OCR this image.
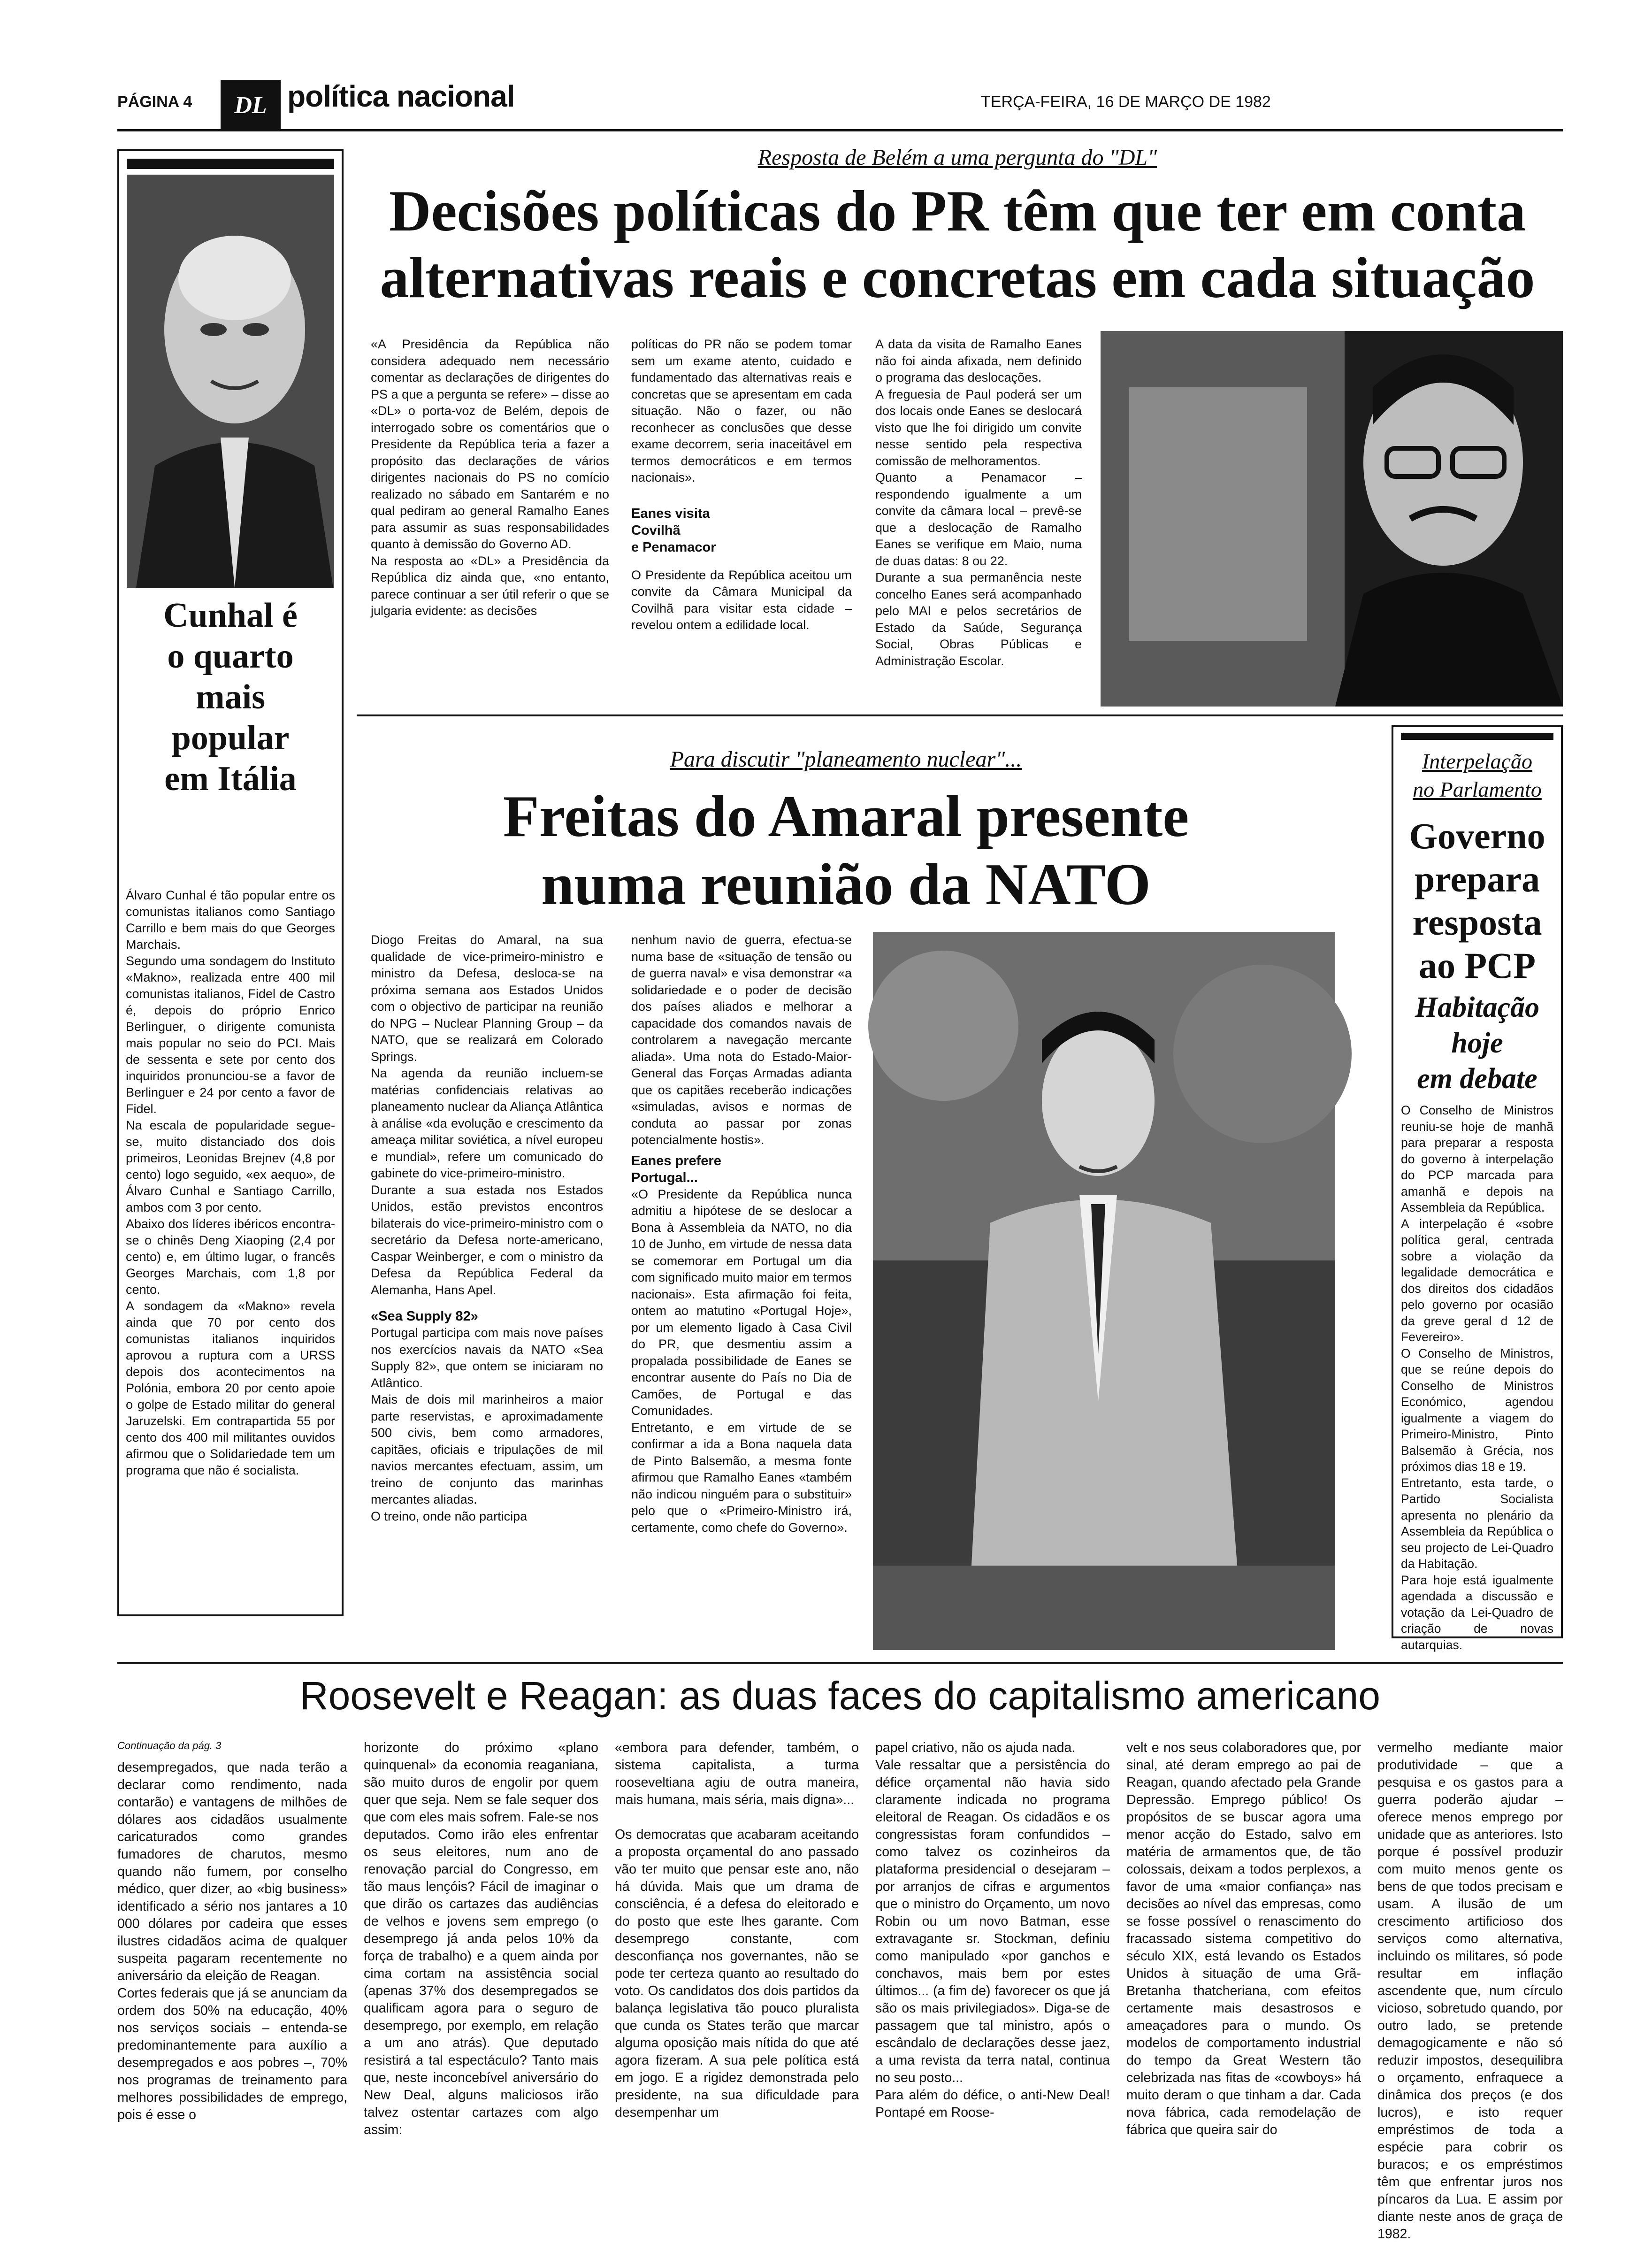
PÁGINA 4	DL política nacional	TERÇA-FEIRA, 16 DE MARÇO DE 1982
Cunhal é
o quarto
mais
popular
em Itália
Álvaro Cunhal é tão popular entre os comunistas italianos como Santiago Carrillo e bem mais do que Georges Marchais.
Segundo uma sondagem do Instituto «Makno», realizada entre 400 mil comunistas italianos, Fidel de Castro é, depois do próprio Enrico Berlinguer, o dirigente comunista mais popular no seio do PCI. Mais de sessenta e sete por cento dos inquiridos pronunciou-se a favor de Berlinguer e 24 por cento a favor de Fidel.
Na escala de popularidade segue-se, muito distanciado dos dois primeiros, Leonidas Brejnev (4,8 por cento) logo seguido, «ex aequo», de Álvaro Cunhal e Santiago Carrillo, ambos com 3 por cento.
Abaixo dos líderes ibéricos encontra-se o chinês Deng Xiaoping (2,4 por cento) e, em último lugar, o francês Georges Marchais, com 1,8 por cento.
A sondagem da «Makno» revela ainda que 70 por cento dos comunistas italianos inquiridos aprovou a ruptura com a URSS depois dos acontecimentos na Polónia, embora 20 por cento apoie o golpe de Estado militar do general Jaruzelski. Em contrapartida 55 por cento dos 400 mil militantes ouvidos afirmou que o Solidariedade tem um programa que não é socialista.
Resposta de Belém a uma pergunta do "DL"
Decisões políticas do PR têm que ter em conta
alternativas reais e concretas em cada situação
«A Presidência da República não considera adequado nem necessário comentar as declarações de dirigentes do PS a que a pergunta se refere» – disse ao «DL» o porta-voz de Belém, depois de interrogado sobre os comentários que o Presidente da República teria a fazer a propósito das declarações de vários dirigentes nacionais do PS no comício realizado no sábado em Santarém e no qual pediram ao general Ramalho Eanes para assumir as suas responsabilidades quanto à demissão do Governo AD.
Na resposta ao «DL» a Presidência da República diz ainda que, «no entanto, parece continuar a ser útil referir o que se julgaria evidente: as decisões
políticas do PR não se podem tomar sem um exame atento, cuidado e fundamentado das alternativas reais e concretas que se apresentam em cada situação. Não o fazer, ou não reconhecer as conclusões que desse exame decorrem, seria inaceitável em termos democráticos e em termos nacionais».
Eanes visita
Covilhã
e Penamacor
O Presidente da República aceitou um convite da Câmara Municipal da Covilhã para visitar esta cidade – revelou ontem a edilidade local.
A data da visita de Ramalho Eanes não foi ainda afixada, nem definido o programa das deslocações.
A freguesia de Paul poderá ser um dos locais onde Eanes se deslocará visto que lhe foi dirigido um convite nesse sentido pela respectiva comissão de melhoramentos.
Quanto a Penamacor – respondendo igualmente a um convite da câmara local – prevê-se que a deslocação de Ramalho Eanes se verifique em Maio, numa de duas datas: 8 ou 22.
Durante a sua permanência neste concelho Eanes será acompanhado pelo MAI e pelos secretários de Estado da Saúde, Segurança Social, Obras Públicas e Administração Escolar.
Para discutir "planeamento nuclear"...
Freitas do Amaral presente
numa reunião da NATO
Diogo Freitas do Amaral, na sua qualidade de vice-primeiro-ministro e ministro da Defesa, desloca-se na próxima semana aos Estados Unidos com o objectivo de participar na reunião do NPG – Nuclear Planning Group – da NATO, que se realizará em Colorado Springs.
Na agenda da reunião incluem-se matérias confidenciais relativas ao planeamento nuclear da Aliança Atlântica à análise «da evolução e crescimento da ameaça militar soviética, a nível europeu e mundial», refere um comunicado do gabinete do vice-primeiro-ministro.
Durante a sua estada nos Estados Unidos, estão previstos encontros bilaterais do vice-primeiro-ministro com o secretário da Defesa norte-americano, Caspar Weinberger, e com o ministro da Defesa da República Federal da Alemanha, Hans Apel.
«Sea Supply 82»
Portugal participa com mais nove países nos exercícios navais da NATO «Sea Supply 82», que ontem se iniciaram no Atlântico.
Mais de dois mil marinheiros a maior parte reservistas, e aproximadamente 500 civis, bem como armadores, capitães, oficiais e tripulações de mil navios mercantes efectuam, assim, um treino de conjunto das marinhas mercantes aliadas.
O treino, onde não participa
nenhum navio de guerra, efectua-se numa base de «situação de tensão ou de guerra naval» e visa demonstrar «a solidariedade e o poder de decisão dos países aliados e melhorar a capacidade dos comandos navais de controlarem a navegação mercante aliada». Uma nota do Estado-Maior-General das Forças Armadas adianta que os capitães receberão indicações «simuladas, avisos e normas de conduta ao passar por zonas potencialmente hostis».
Eanes prefere
Portugal...
«O Presidente da República nunca admitiu a hipótese de se deslocar a Bona à Assembleia da NATO, no dia 10 de Junho, em virtude de nessa data se comemorar em Portugal um dia com significado muito maior em termos nacionais». Esta afirmação foi feita, ontem ao matutino «Portugal Hoje», por um elemento ligado à Casa Civil do PR, que desmentiu assim a propalada possibilidade de Eanes se encontrar ausente do País no Dia de Camões, de Portugal e das Comunidades.
Entretanto, e em virtude de se confirmar a ida a Bona naquela data de Pinto Balsemão, a mesma fonte afirmou que Ramalho Eanes «também não indicou ninguém para o substituir» pelo que o «Primeiro-Ministro irá, certamente, como chefe do Governo».
Interpelação
no Parlamento
Governo
prepara
resposta
ao PCP
Habitação
hoje
em debate
O Conselho de Ministros reuniu-se hoje de manhã para preparar a resposta do governo à interpelação do PCP marcada para amanhã e depois na Assembleia da República.
A interpelação é «sobre política geral, centrada sobre a violação da legalidade democrática e dos direitos dos cidadãos pelo governo por ocasião da greve geral d 12 de Fevereiro».
O Conselho de Ministros, que se reúne depois do Conselho de Ministros Económico, agendou igualmente a viagem do Primeiro-Ministro, Pinto Balsemão à Grécia, nos próximos dias 18 e 19.
Entretanto, esta tarde, o Partido Socialista apresenta no plenário da Assembleia da República o seu projecto de Lei-Quadro da Habitação.
Para hoje está igualmente agendada a discussão e votação da Lei-Quadro de criação de novas autarquias.
Roosevelt e Reagan: as duas faces do capitalismo americano
Continuação da pág. 3
desempregados, que nada terão a declarar como rendimento, nada contarão) e vantagens de milhões de dólares aos cidadãos usualmente caricaturados como grandes fumadores de charutos, mesmo quando não fumem, por conselho médico, quer dizer, ao «big business» identificado a sério nos jantares a 10 000 dólares por cadeira que esses ilustres cidadãos acima de qualquer suspeita pagaram recentemente no aniversário da eleição de Reagan.
Cortes federais que já se anunciam da ordem dos 50% na educação, 40% nos serviços sociais – entenda-se predominantemente para auxílio a desempregados e aos pobres –, 70% nos programas de treinamento para melhores possibilidades de emprego, pois é esse o
horizonte do próximo «plano quinquenal» da economia reaganiana, são muito duros de engolir por quem quer que seja. Nem se fale sequer dos que com eles mais sofrem. Fale-se nos deputados. Como irão eles enfrentar os seus eleitores, num ano de renovação parcial do Congresso, em tão maus lençóis? Fácil de imaginar o que dirão os cartazes das audiências de velhos e jovens sem emprego (o desemprego já anda pelos 10% da força de trabalho) e a quem ainda por cima cortam na assistência social (apenas 37% dos desempregados se qualificam agora para o seguro de desemprego, por exemplo, em relação a um ano atrás). Que deputado resistirá a tal espectáculo? Tanto mais que, neste inconcebível aniversário do New Deal, alguns maliciosos irão talvez ostentar cartazes com algo assim:
«embora para defender, também, o sistema capitalista, a turma rooseveltiana agiu de outra maneira, mais humana, mais séria, mais digna»...

Os democratas que acabaram aceitando a proposta orçamental do ano passado vão ter muito que pensar este ano, não há dúvida. Mais que um drama de consciência, é a defesa do eleitorado e do posto que este lhes garante. Com desemprego constante, com desconfiança nos governantes, não se pode ter certeza quanto ao resultado do voto. Os candidatos dos dois partidos da balança legislativa tão pouco pluralista que cunda os States terão que marcar alguma oposição mais nítida do que até agora fizeram. A sua pele política está em jogo. E a rigidez demonstrada pelo presidente, na sua dificuldade para desempenhar um
papel criativo, não os ajuda nada.
Vale ressaltar que a persistência do défice orçamental não havia sido claramente indicada no programa eleitoral de Reagan. Os cidadãos e os congressistas foram confundidos – como talvez os cozinheiros da plataforma presidencial o desejaram – por arranjos de cifras e argumentos que o ministro do Orçamento, um novo Robin ou um novo Batman, esse extravagante sr. Stockman, definiu como manipulado «por ganchos e conchavos, mais bem por estes últimos... (a fim de) favorecer os que já são os mais privilegiados». Diga-se de passagem que tal ministro, após o escândalo de declarações desse jaez, a uma revista da terra natal, continua no seu posto...
Para além do défice, o anti-New Deal! Pontapé em Roose-
velt e nos seus colaboradores que, por sinal, até deram emprego ao pai de Reagan, quando afectado pela Grande Depressão. Emprego público! Os propósitos de se buscar agora uma menor acção do Estado, salvo em matéria de armamentos que, de tão colossais, deixam a todos perplexos, a favor de uma «maior confiança» nas decisões ao nível das empresas, como se fosse possível o renascimento do fracassado sistema competitivo do século XIX, está levando os Estados Unidos à situação de uma Grã-Bretanha thatcheriana, com efeitos certamente mais desastrosos e ameaçadores para o mundo. Os modelos de comportamento industrial do tempo da Great Western tão celebrizada nas fitas de «cowboys» há muito deram o que tinham a dar. Cada nova fábrica, cada remodelação de fábrica que queira sair do
vermelho mediante maior produtividade – que a pesquisa e os gastos para a guerra poderão ajudar – oferece menos emprego por unidade que as anteriores. Isto porque é possível produzir com muito menos gente os bens de que todos precisam e usam. A ilusão de um crescimento artificioso dos serviços como alternativa, incluindo os militares, só pode resultar em inflação ascendente que, num círculo vicioso, sobretudo quando, por outro lado, se pretende demagogicamente e não só reduzir impostos, desequilibra o orçamento, enfraquece a dinâmica dos preços (e dos lucros), e isto requer empréstimos de toda a espécie para cobrir os buracos; e os empréstimos têm que enfrentar juros nos píncaros da Lua. E assim por diante neste anos de graça de 1982.
